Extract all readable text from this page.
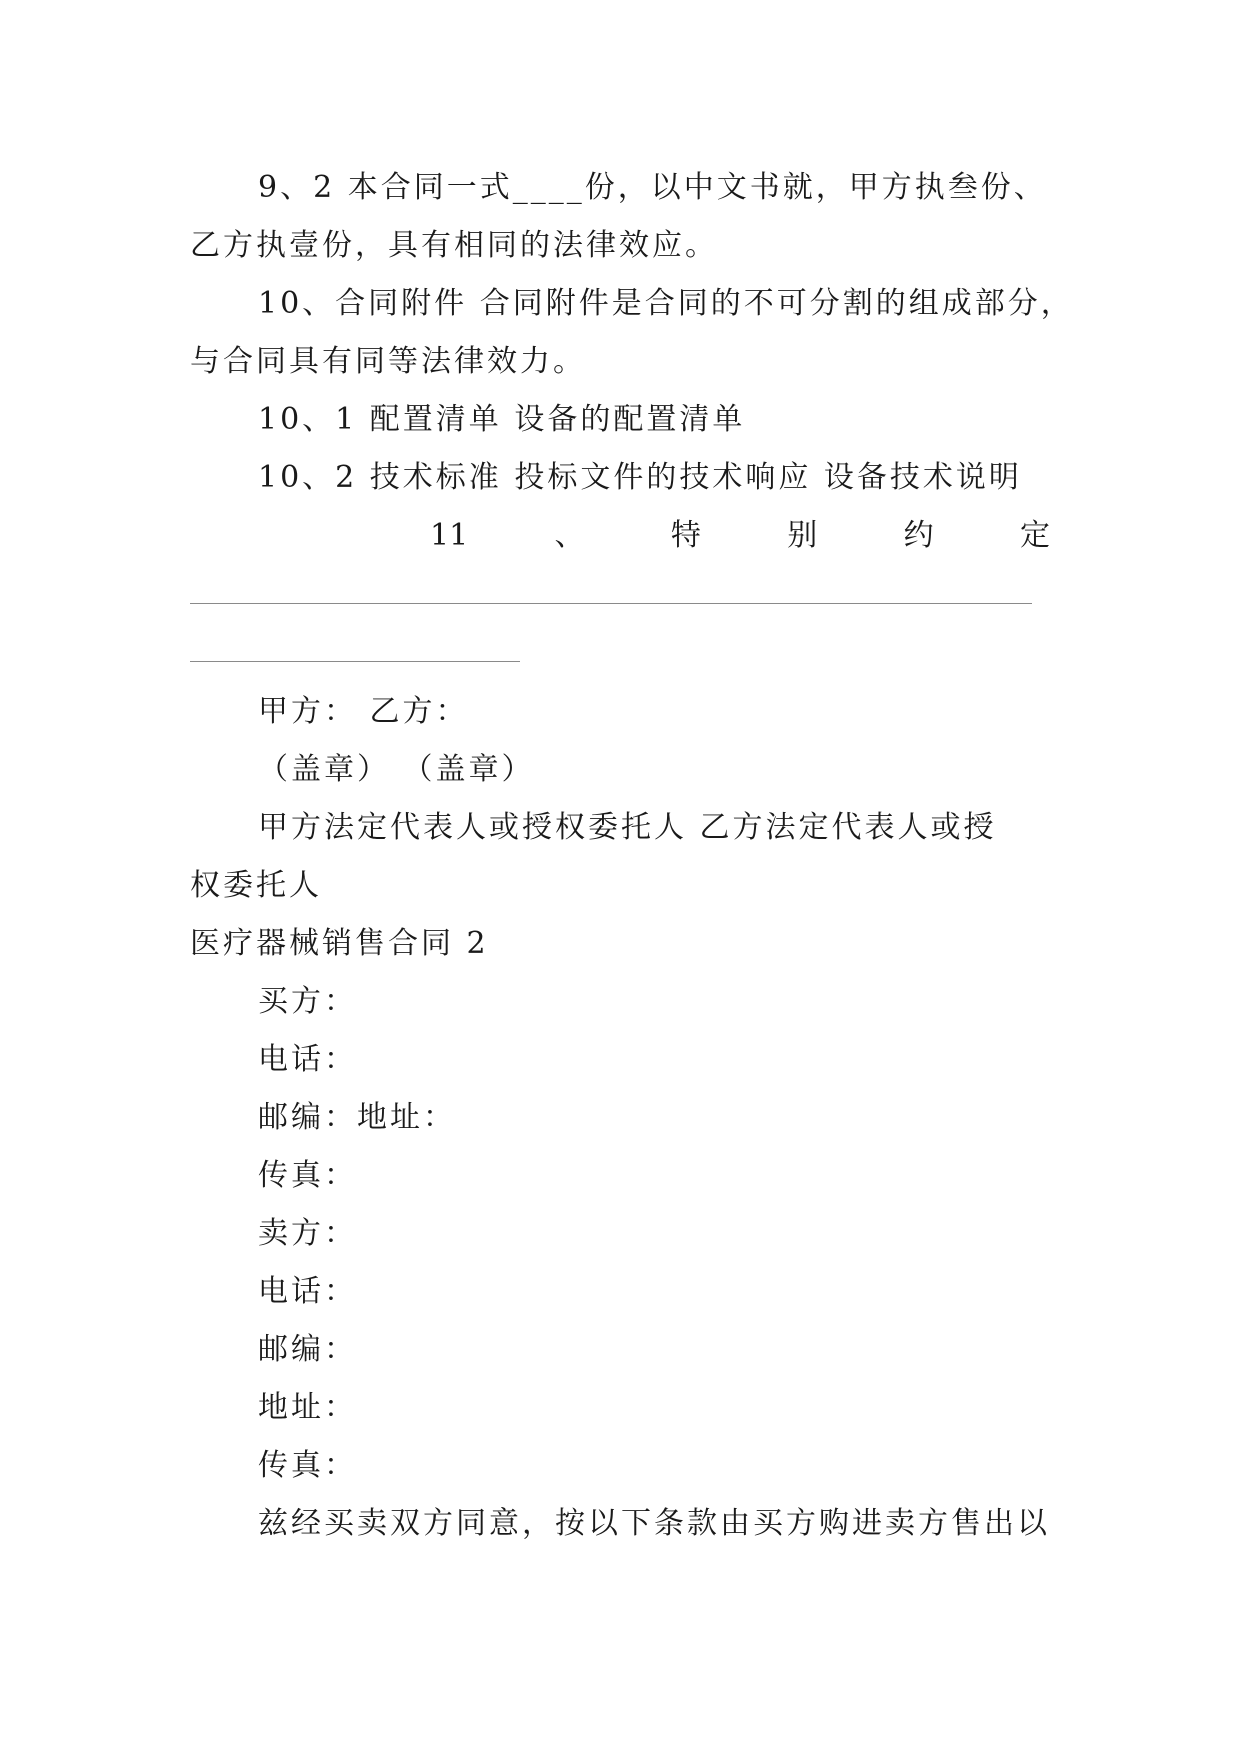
9、2 本合同一式____份，以中文书就，甲方执叁份、
乙方执壹份，具有相同的法律效应。
10、合同附件 合同附件是合同的不可分割的组成部分，
与合同具有同等法律效力。
10、1 配置清单 设备的配置清单
10、2 技术标准 投标文件的技术响应 设备技术说明
11	、	特	别	约	定
甲方： 乙方：
（盖章） （盖章）
甲方法定代表人或授权委托人 乙方法定代表人或授
权委托人
医疗器械销售合同 2
买方：
电话：
邮编：地址：
传真：
卖方：
电话：
邮编：
地址：
传真：
兹经买卖双方同意，按以下条款由买方购进卖方售出以
